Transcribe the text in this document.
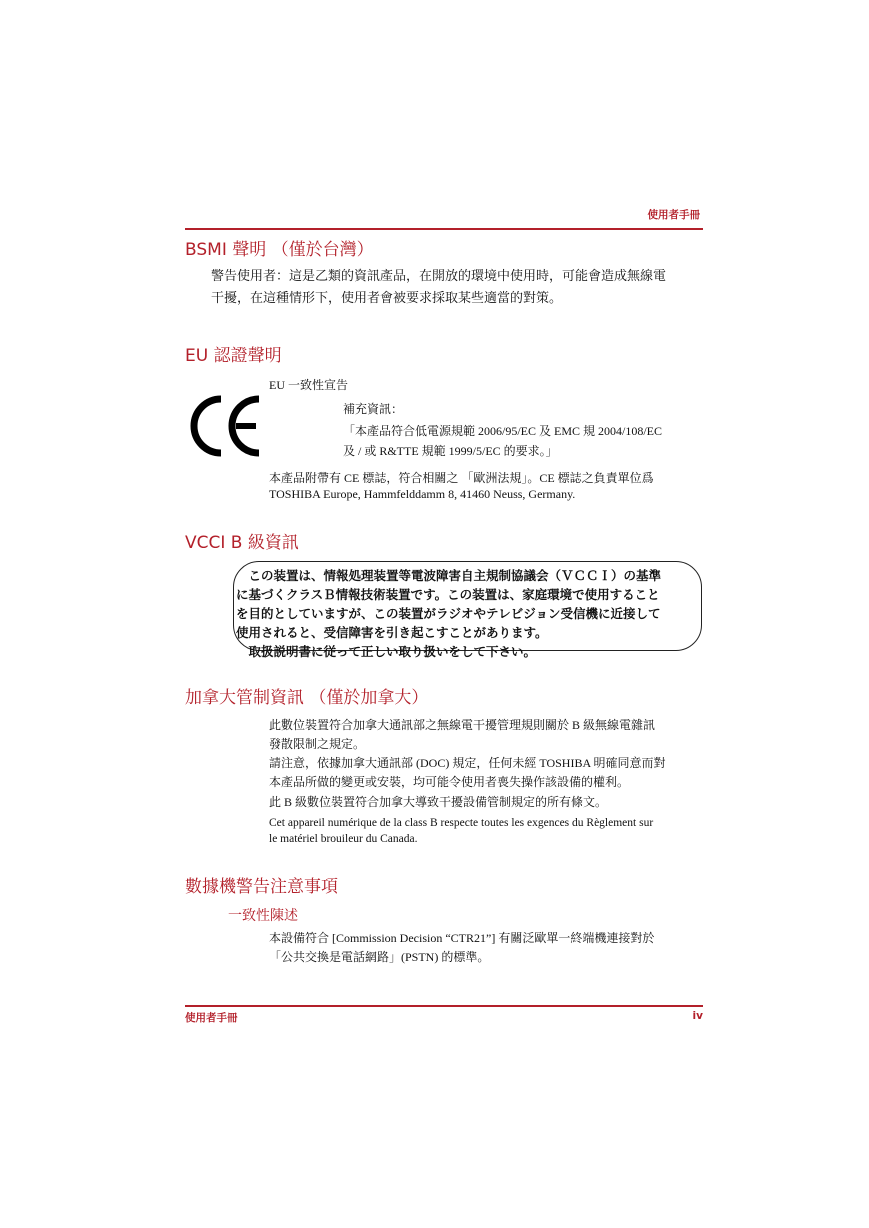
使用者手冊
BSMI 聲明 （僅於台灣）
警告使用者：這是乙類的資訊產品，在開放的環境中使用時，可能會造成無線電
干擾，在這種情形下，使用者會被要求採取某些適當的對策。
EU 認證聲明
EU 一致性宣告
補充資訊：
「本產品符合低電源規範 2006/95/EC 及 EMC 規 2004/108/EC
及 / 或 R&TTE 規範 1999/5/EC 的要求。」
本產品附帶有 CE 標誌，符合相關之 「歐洲法規」。CE 標誌之負責單位爲
TOSHIBA Europe, Hammfelddamm 8, 41460 Neuss, Germany.
VCCI B 級資訊
　この装置は、情報処理装置等電波障害自主規制協議会（ＶＣＣＩ）の基準
に基づくクラスＢ情報技術装置です。この装置は、家庭環境で使用すること
を目的としていますが、この装置がラジオやテレビジョン受信機に近接して
使用されると、受信障害を引き起こすことがあります。
　取扱説明書に従って正しい取り扱いをして下さい。
加拿大管制資訊 （僅於加拿大）
此數位裝置符合加拿大通訊部之無線電干擾管理規則關於 B 級無線電雜訊
發散限制之規定。
請注意，依據加拿大通訊部 (DOC) 規定，任何未經 TOSHIBA 明確同意而對
本產品所做的變更或安裝，均可能令使用者喪失操作該設備的權利。
此 B 級數位裝置符合加拿大導致干擾設備管制規定的所有條文。
Cet appareil numérique de la class B respecte toutes les exgences du Règlement sur
le matériel brouileur du Canada.
數據機警告注意事項
一致性陳述
本設備符合 [Commission Decision “CTR21”] 有關泛歐單一終端機連接對於
「公共交換是電話網路」(PSTN) 的標準。
使用者手冊	iv
